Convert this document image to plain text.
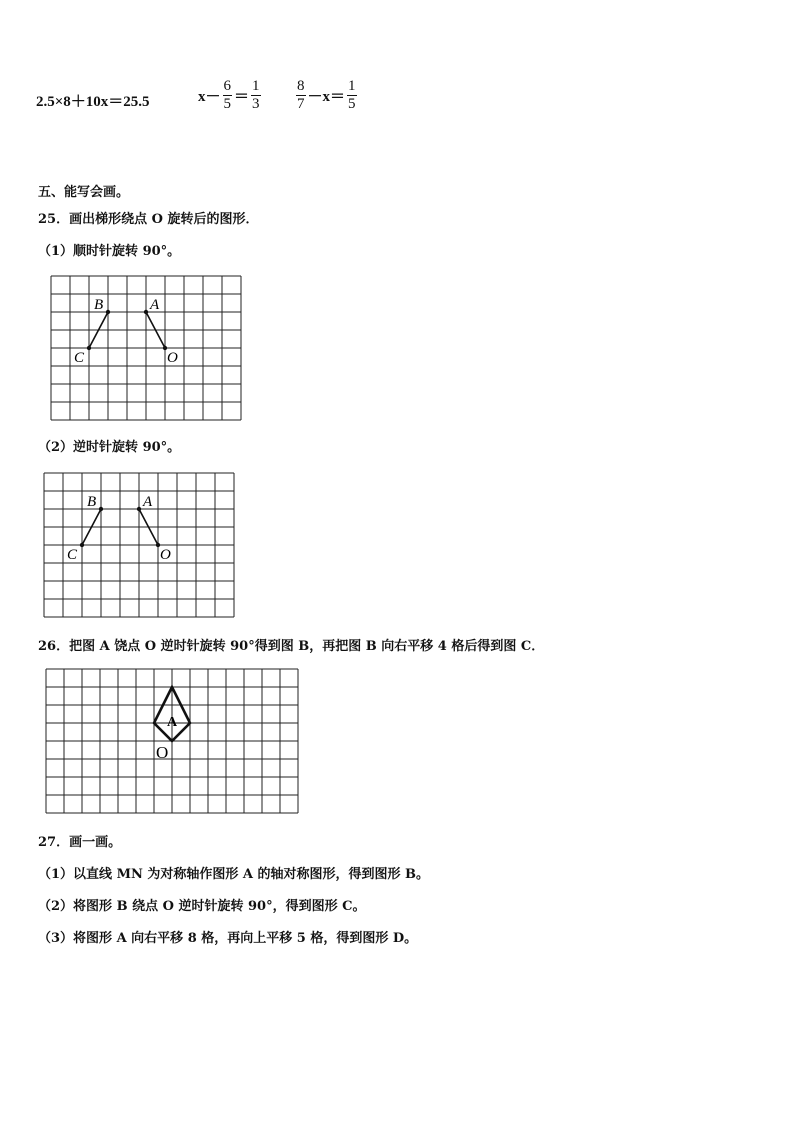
2.5×8＋10x＝25.5	$x- \frac{6}{5} = \frac{1}{3} \frac{8}{7} -x= \frac{1}{5}$
五、能写会画。
25．画出梯形绕点 O 旋转后的图形．
（1）顺时针旋转 90°。
B	A
C	O
（2）逆时针旋转 90°。
B	A
C	O
26．把图 A 饶点 O 逆时针旋转 90°得到图 B，再把图 B 向右平移 4 格后得到图 C．
A
O
27．画一画。
（1）以直线 MN 为对称轴作图形 A 的轴对称图形，得到图形 B。
（2）将图形 B 绕点 O 逆时针旋转 90°，得到图形 C。
（3）将图形 A 向右平移 8 格，再向上平移 5 格，得到图形 D。
